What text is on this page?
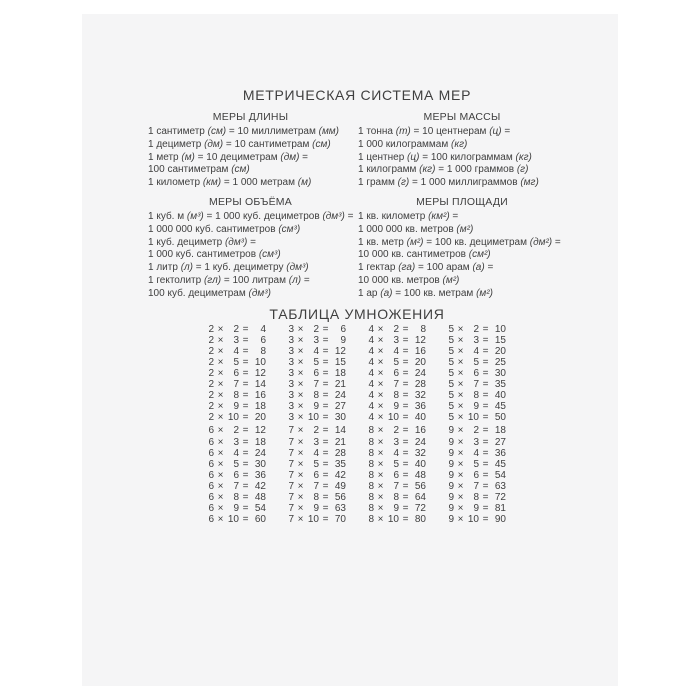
МЕТРИЧЕСКАЯ СИСТЕМА МЕР
МЕРЫ ДЛИНЫ
1 сантиметр (см) = 10 миллиметрам (мм)
1 дециметр (дм) = 10 сантиметрам (см)
1 метр (м) = 10 дециметрам (дм) =
100 сантиметрам (см)
1 километр (км) = 1 000 метрам (м)
МЕРЫ МАССЫ
1 тонна (т) = 10 центнерам (ц) =
1 000 килограммам (кг)
1 центнер (ц) = 100 килограммам (кг)
1 килограмм (кг) = 1 000 граммов (г)
1 грамм (г) = 1 000 миллиграммов (мг)
МЕРЫ ОБЪЁМА
1 куб. м (м³) = 1 000 куб. дециметров (дм³) =
1 000 000 куб. сантиметров (см³)
1 куб. дециметр (дм³) =
1 000 куб. сантиметров (см³)
1 литр (л) = 1 куб. дециметру (дм³)
1 гектолитр (гл) = 100 литрам (л) =
100 куб. дециметрам (дм³)
МЕРЫ ПЛОЩАДИ
1 кв. километр (км²) =
1 000 000 кв. метров (м²)
1 кв. метр (м²) = 100 кв. дециметрам (дм²) =
10 000 кв. сантиметров (см²)
1 гектар (га) = 100 арам (а) =
10 000 кв. метров (м²)
1 ар (а) = 100 кв. метрам (м²)
ТАБЛИЦА УМНОЖЕНИЯ
2 ×	2 =	4
2 ×	3 =	6
2 ×	4 =	8
2 ×	5 = 10
2 ×	6 = 12
2 ×	7 = 14
2 ×	8 = 16
2 ×	9 = 18
2 × 10 = 20
3 ×	2 =	6
3 ×	3 =	9
3 ×	4 = 12
3 ×	5 = 15
3 ×	6 = 18
3 ×	7 = 21
3 ×	8 = 24
3 ×	9 = 27
3 × 10 = 30
4 ×	2 =	8
4 ×	3 = 12
4 ×	4 = 16
4 ×	5 = 20
4 ×	6 = 24
4 ×	7 = 28
4 ×	8 = 32
4 ×	9 = 36
4 × 10 = 40
5 ×	2 = 10
5 ×	3 = 15
5 ×	4 = 20
5 ×	5 = 25
5 ×	6 = 30
5 ×	7 = 35
5 ×	8 = 40
5 ×	9 = 45
5 × 10 = 50
6 ×	2 = 12
6 ×	3 = 18
6 ×	4 = 24
6 ×	5 = 30
6 ×	6 = 36
6 ×	7 = 42
6 ×	8 = 48
6 ×	9 = 54
6 × 10 = 60
7 ×	2 = 14
7 ×	3 = 21
7 ×	4 = 28
7 ×	5 = 35
7 ×	6 = 42
7 ×	7 = 49
7 ×	8 = 56
7 ×	9 = 63
7 × 10 = 70
8 ×	2 = 16
8 ×	3 = 24
8 ×	4 = 32
8 ×	5 = 40
8 ×	6 = 48
8 ×	7 = 56
8 ×	8 = 64
8 ×	9 = 72
8 × 10 = 80
9 ×	2 = 18
9 ×	3 = 27
9 ×	4 = 36
9 ×	5 = 45
9 ×	6 = 54
9 ×	7 = 63
9 ×	8 = 72
9 ×	9 = 81
9 × 10 = 90
